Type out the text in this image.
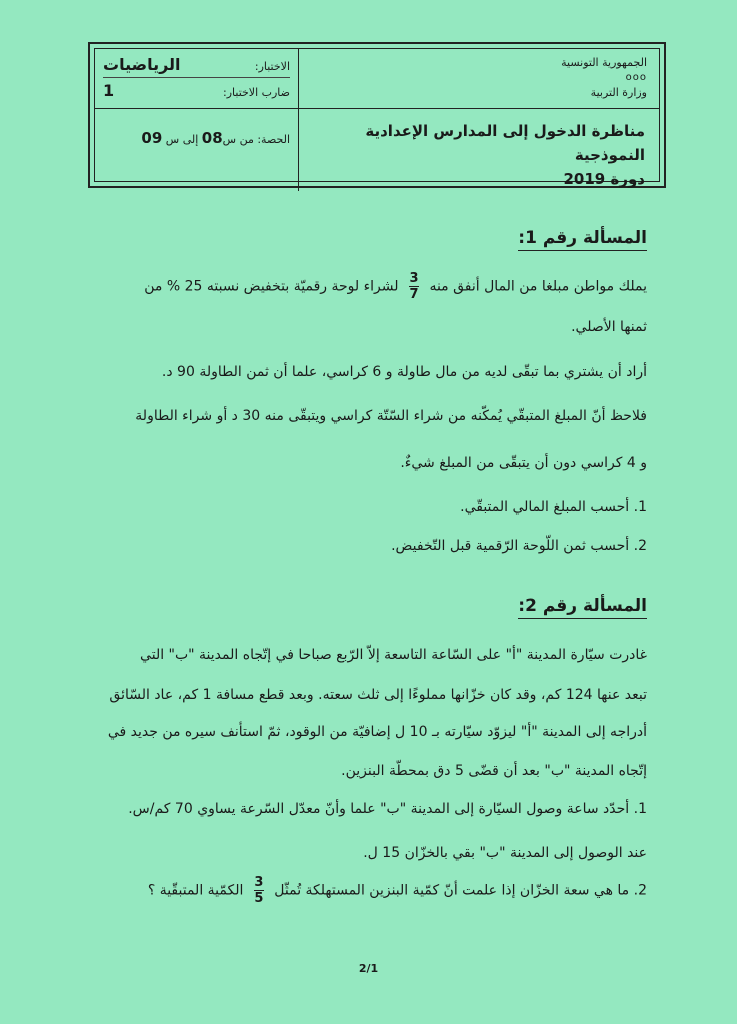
الجمهورية التونسية
ooo
وزارة التربية
الاختبار:
الرياضيات
ضارب الاختبار:
1
مناظرة الدخول إلى المدارس الإعدادية النموذجية
دورة 2019
الحصة: من س08 إلى س 09
المسألة رقم 1:
يملك مواطن مبلغا من المال أنفق منه
$\frac{3}{7}$
لشراء لوحة رقميّة بتخفيض نسبته 25 % من
ثمنها الأصلي.
أراد أن يشتري بما تبقّى لديه من مال طاولة و 6 كراسي، علما أن ثمن الطاولة 90 د.
فلاحظ أنّ المبلغ المتبقّي يُمكّنه من شراء السّتّة كراسي ويتبقّى منه 30 د أو شراء الطاولة
و 4 كراسي دون أن يتبقّى من المبلغ شيءٌ.
1. أحسب المبلغ المالي المتبقّي.
2. أحسب ثمن اللّوحة الرّقمية قبل التّخفيض.
المسألة رقم 2:
غادرت سيّارة المدينة "أ" على السّاعة التاسعة إلاّ الرّبع صباحا في إتّجاه المدينة "ب" التي
تبعد عنها 124 كم، وقد كان خزّانها مملوءًا إلى ثلث سعته. وبعد قطع مسافة 1 كم، عاد السّائق
أدراجه إلى المدينة "أ" ليزوّد سيّارته بـ 10 ل إضافيّة من الوقود، ثمّ استأنف سيره من جديد في
إتّجاه المدينة "ب" بعد أن قضّى 5 دق بمحطّة البنزين.
1. أحدّد ساعة وصول السيّارة إلى المدينة "ب" علما وأنّ معدّل السّرعة يساوي 70 كم/س.
عند الوصول إلى المدينة "ب" بقي بالخزّان 15 ل.
2. ما هي سعة الخزّان إذا علمت أنّ كمّية البنزين المستهلكة تُمثّل
$\frac{3}{5}$
الكمّية المتبقّية ؟
2/1
